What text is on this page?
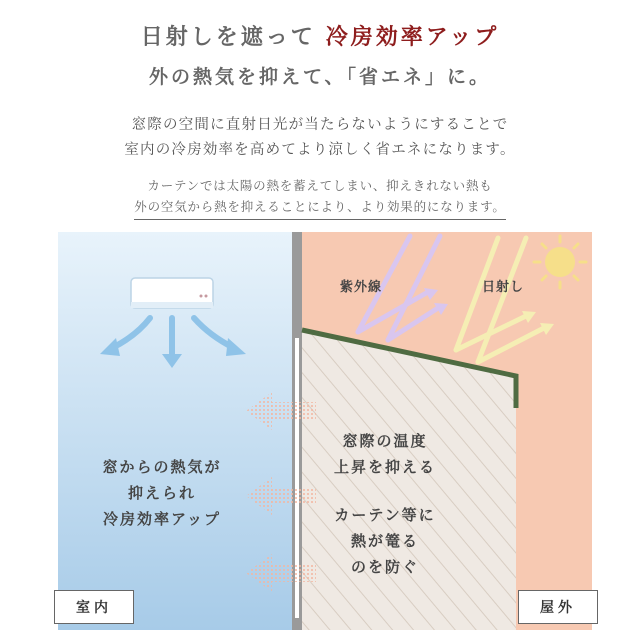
日射しを遮って 冷房効率アップ
外の熱気を抑えて、「省エネ」に。
窓際の空間に直射日光が当たらないようにすることで
室内の冷房効率を高めてより涼しく省エネになります。
カーテンでは太陽の熱を蓄えてしまい、抑えきれない熱も
外の空気から熱を抑えることにより、より効果的になります。
紫外線	日射し
窓際の温度
上昇を抑える
カーテン等に
熱が篭る
のを防ぐ
窓からの熱気が
抑えられ
冷房効率アップ
室内	屋外
